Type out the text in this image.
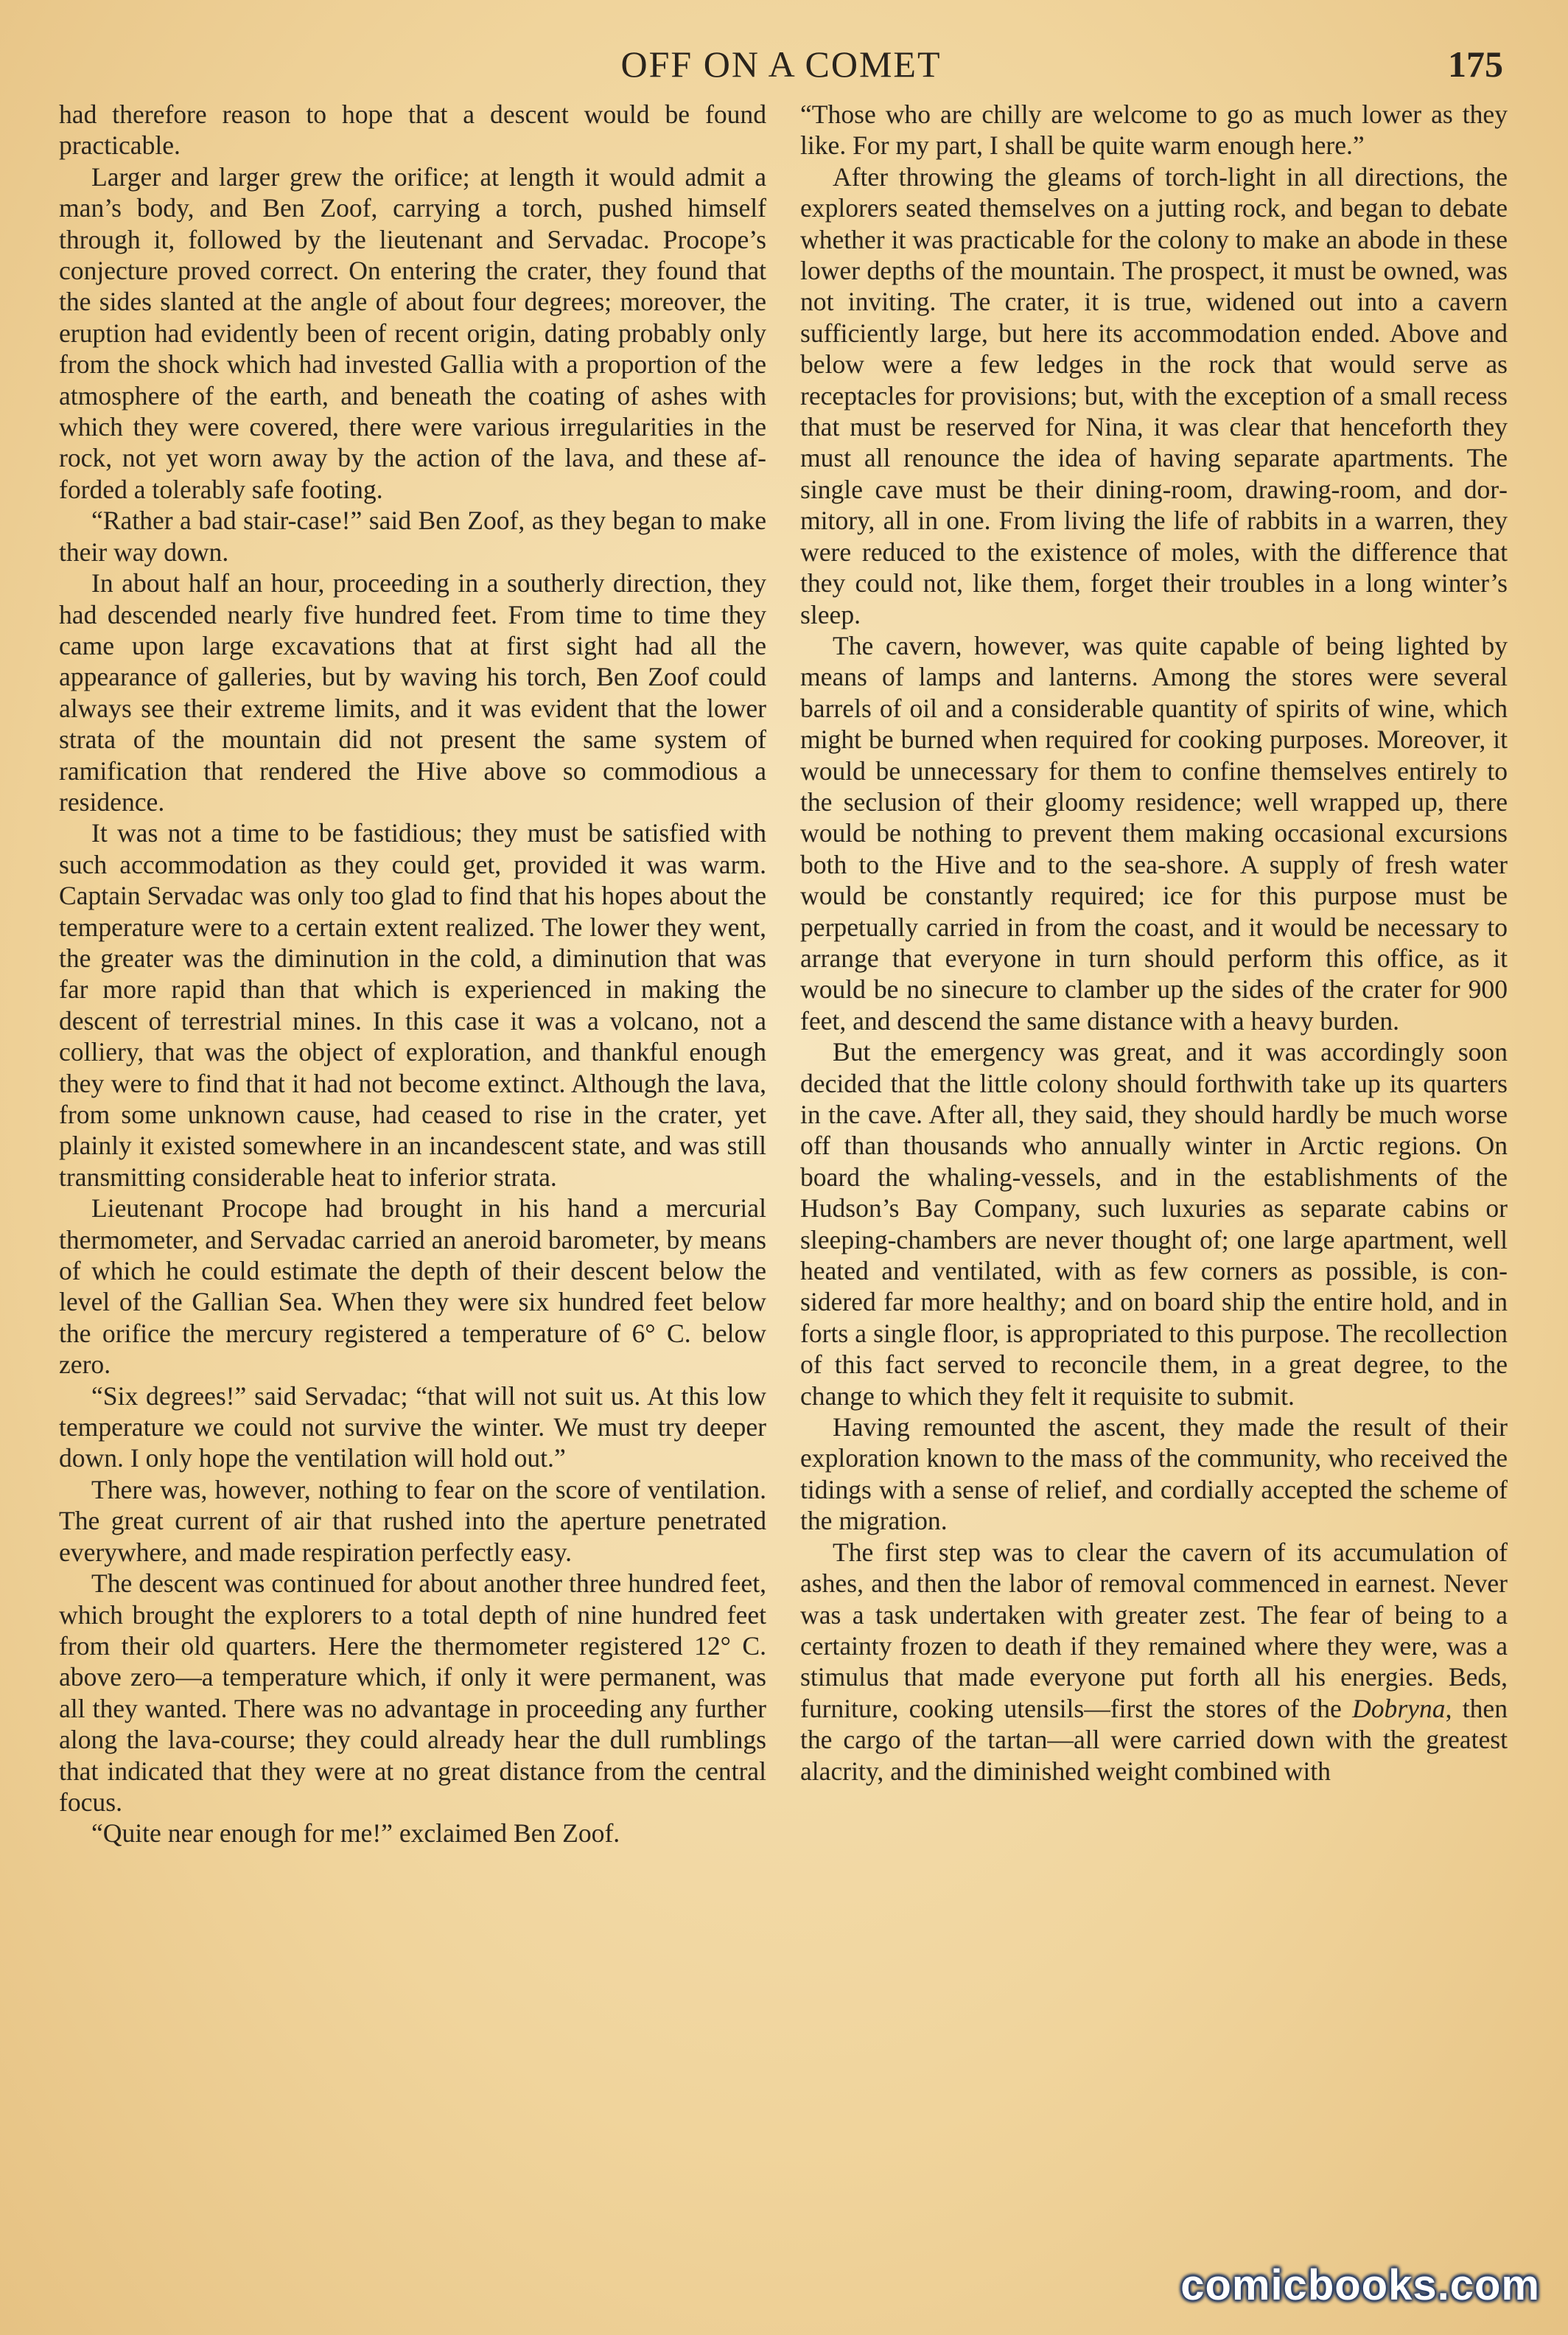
OFF ON A COMET	175

had therefore reason to hope that a descent would be found practicable.

Larger and larger grew the orifice; at length it would admit a man’s body, and Ben Zoof, carrying a torch, pushed himself through it, followed by the lieutenant and Servadac. Procope’s conjecture proved correct. On entering the crater, they found that the sides slanted at the angle of about four degrees; moreover, the eruption had evidently been of recent origin, dating probably only from the shock which had invested Gallia with a proportion of the atmosphere of the earth, and beneath the coating of ashes with which they were covered, there were various irregularities in the rock, not yet worn away by the action of the lava, and these afforded a tolerably safe footing.

“Rather a bad stair-case!” said Ben Zoof, as they began to make their way down.

In about half an hour, proceeding in a southerly direction, they had descended nearly five hundred feet. From time to time they came upon large excavations that at first sight had all the appearance of galleries, but by waving his torch, Ben Zoof could always see their extreme limits, and it was evident that the lower strata of the mountain did not present the same system of ramification that rendered the Hive above so commodious a residence.

It was not a time to be fastidious; they must be satisfied with such accommodation as they could get, provided it was warm. Captain Servadac was only too glad to find that his hopes about the temperature were to a certain extent realized. The lower they went, the greater was the diminution in the cold, a diminution that was far more rapid than that which is experienced in making the descent of terrestrial mines. In this case it was a volcano, not a colliery, that was the object of exploration, and thankful enough they were to find that it had not become extinct. Although the lava, from some unknown cause, had ceased to rise in the crater, yet plainly it existed somewhere in an incandescent state, and was still transmitting considerable heat to inferior strata.

Lieutenant Procope had brought in his hand a mercurial thermometer, and Servadac carried an aneroid barometer, by means of which he could estimate the depth of their descent below the level of the Gallian Sea. When they were six hundred feet below the orifice the mercury registered a temperature of 6° C. below zero.

“Six degrees!” said Servadac; “that will not suit us. At this low temperature we could not survive the winter. We must try deeper down. I only hope the ventilation will hold out.”

There was, however, nothing to fear on the score of ventilation. The great current of air that rushed into the aperture penetrated everywhere, and made respiration perfectly easy.

The descent was continued for about another three hundred feet, which brought the explorers to a total depth of nine hundred feet from their old quarters. Here the thermometer registered 12° C. above zero—a temperature which, if only it were permanent, was all they wanted. There was no advantage in proceeding any further along the lava-course; they could already hear the dull rumblings that indicated that they were at no great distance from the central focus.

“Quite near enough for me!” exclaimed Ben Zoof.

“Those who are chilly are welcome to go as much lower as they like. For my part, I shall be quite warm enough here.”

After throwing the gleams of torch-light in all directions, the explorers seated themselves on a jutting rock, and began to debate whether it was practicable for the colony to make an abode in these lower depths of the mountain. The prospect, it must be owned, was not inviting. The crater, it is true, widened out into a cavern sufficiently large, but here its accommodation ended. Above and below were a few ledges in the rock that would serve as receptacles for provisions; but, with the exception of a small recess that must be reserved for Nina, it was clear that henceforth they must all renounce the idea of having separate apartments. The single cave must be their dining-room, drawing-room, and dormitory, all in one. From living the life of rabbits in a warren, they were reduced to the existence of moles, with the difference that they could not, like them, forget their troubles in a long winter’s sleep.

The cavern, however, was quite capable of being lighted by means of lamps and lanterns. Among the stores were several barrels of oil and a considerable quantity of spirits of wine, which might be burned when required for cooking purposes. Moreover, it would be unnecessary for them to confine themselves entirely to the seclusion of their gloomy residence; well wrapped up, there would be nothing to prevent them making occasional excursions both to the Hive and to the sea-shore. A supply of fresh water would be constantly required; ice for this purpose must be perpetually carried in from the coast, and it would be necessary to arrange that everyone in turn should perform this office, as it would be no sinecure to clamber up the sides of the crater for 900 feet, and descend the same distance with a heavy burden.

But the emergency was great, and it was accordingly soon decided that the little colony should forthwith take up its quarters in the cave. After all, they said, they should hardly be much worse off than thousands who annually winter in Arctic regions. On board the whaling-vessels, and in the establishments of the Hudson’s Bay Company, such luxuries as separate cabins or sleeping-chambers are never thought of; one large apartment, well heated and ventilated, with as few corners as possible, is considered far more healthy; and on board ship the entire hold, and in forts a single floor, is appropriated to this purpose. The recollection of this fact served to reconcile them, in a great degree, to the change to which they felt it requisite to submit.

Having remounted the ascent, they made the result of their exploration known to the mass of the community, who received the tidings with a sense of relief, and cordially accepted the scheme of the migration.

The first step was to clear the cavern of its accumulation of ashes, and then the labor of removal commenced in earnest. Never was a task undertaken with greater zest. The fear of being to a certainty frozen to death if they remained where they were, was a stimulus that made everyone put forth all his energies. Beds, furniture, cooking utensils—first the stores of the Dobryna, then the cargo of the tartan—all were carried down with the greatest alacrity, and the diminished weight combined with

comicbooks.com
